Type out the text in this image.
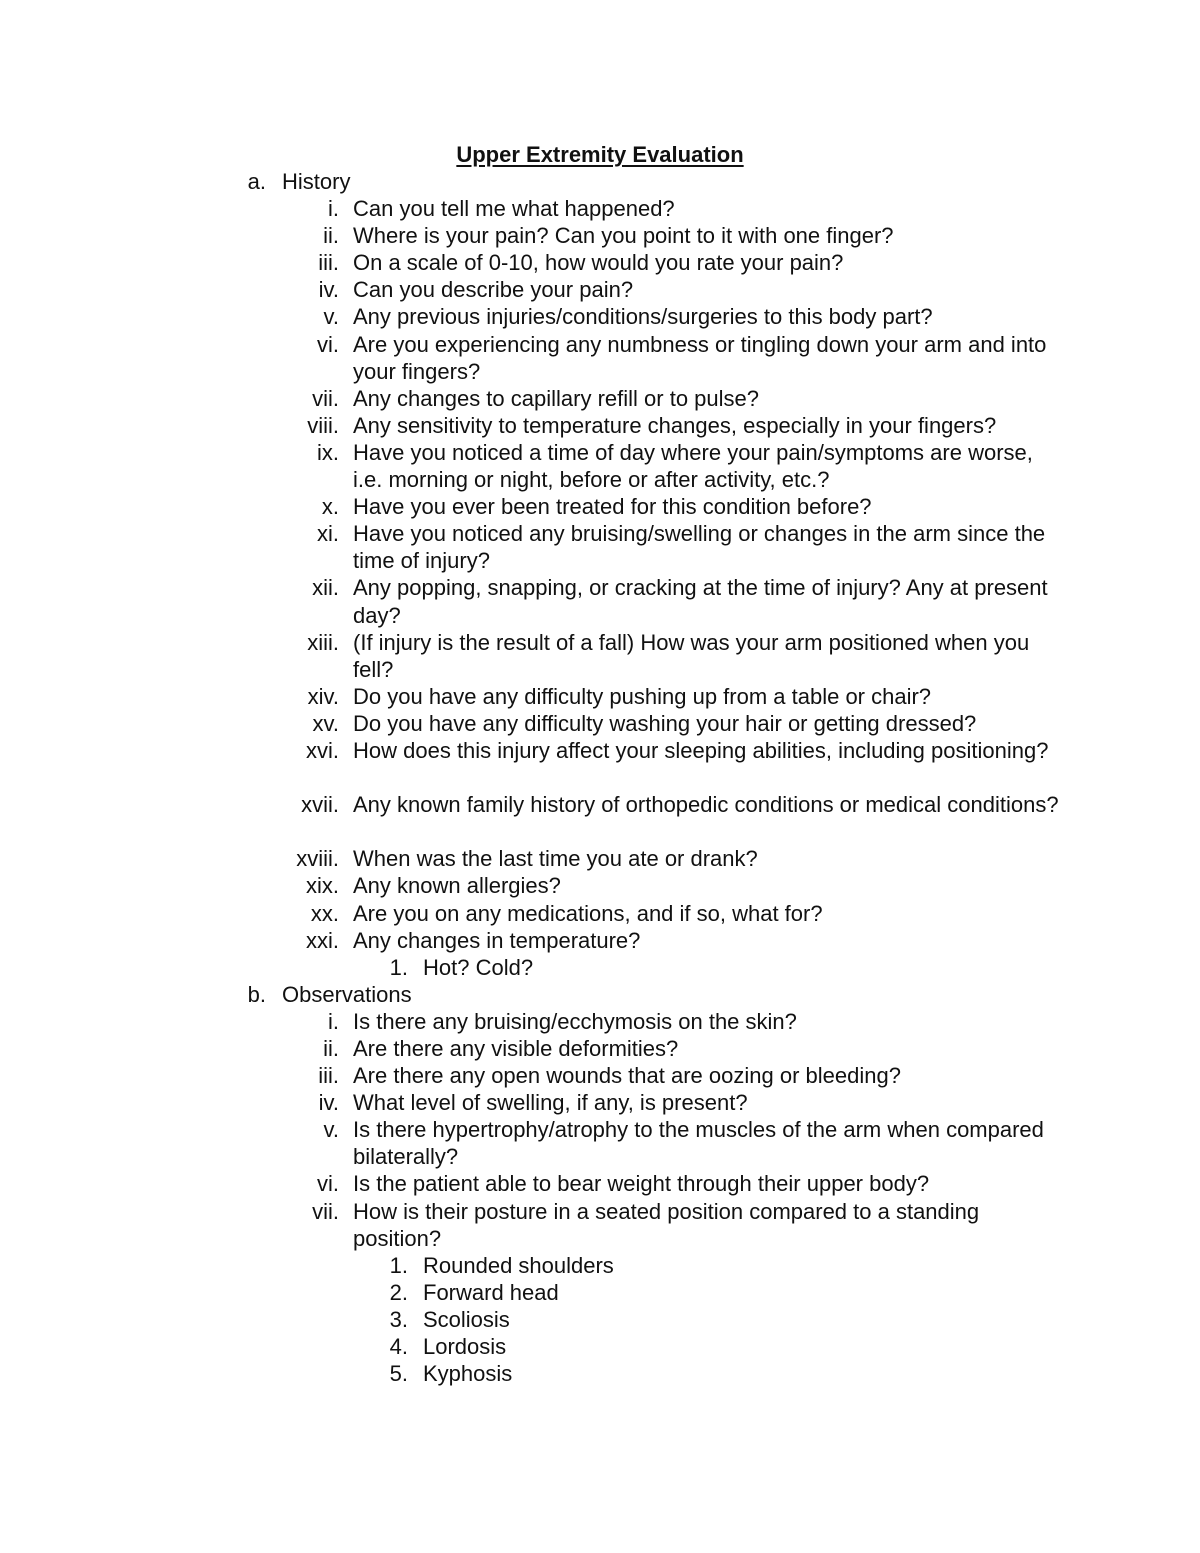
Upper Extremity Evaluation
a. History
i. Can you tell me what happened?
ii. Where is your pain? Can you point to it with one finger?
iii. On a scale of 0-10, how would you rate your pain?
iv. Can you describe your pain?
v. Any previous injuries/conditions/surgeries to this body part?
vi. Are you experiencing any numbness or tingling down your arm and into your fingers?
vii. Any changes to capillary refill or to pulse?
viii. Any sensitivity to temperature changes, especially in your fingers?
ix. Have you noticed a time of day where your pain/symptoms are worse, i.e. morning or night, before or after activity, etc.?
x. Have you ever been treated for this condition before?
xi. Have you noticed any bruising/swelling or changes in the arm since the time of injury?
xii. Any popping, snapping, or cracking at the time of injury? Any at present day?
xiii. (If injury is the result of a fall) How was your arm positioned when you fell?
xiv. Do you have any difficulty pushing up from a table or chair?
xv. Do you have any difficulty washing your hair or getting dressed?
xvi. How does this injury affect your sleeping abilities, including positioning?
xvii. Any known family history of orthopedic conditions or medical conditions?
xviii. When was the last time you ate or drank?
xix. Any known allergies?
xx. Are you on any medications, and if so, what for?
xxi. Any changes in temperature?
1. Hot? Cold?
b. Observations
i. Is there any bruising/ecchymosis on the skin?
ii. Are there any visible deformities?
iii. Are there any open wounds that are oozing or bleeding?
iv. What level of swelling, if any, is present?
v. Is there hypertrophy/atrophy to the muscles of the arm when compared bilaterally?
vi. Is the patient able to bear weight through their upper body?
vii. How is their posture in a seated position compared to a standing position?
1. Rounded shoulders
2. Forward head
3. Scoliosis
4. Lordosis
5. Kyphosis
